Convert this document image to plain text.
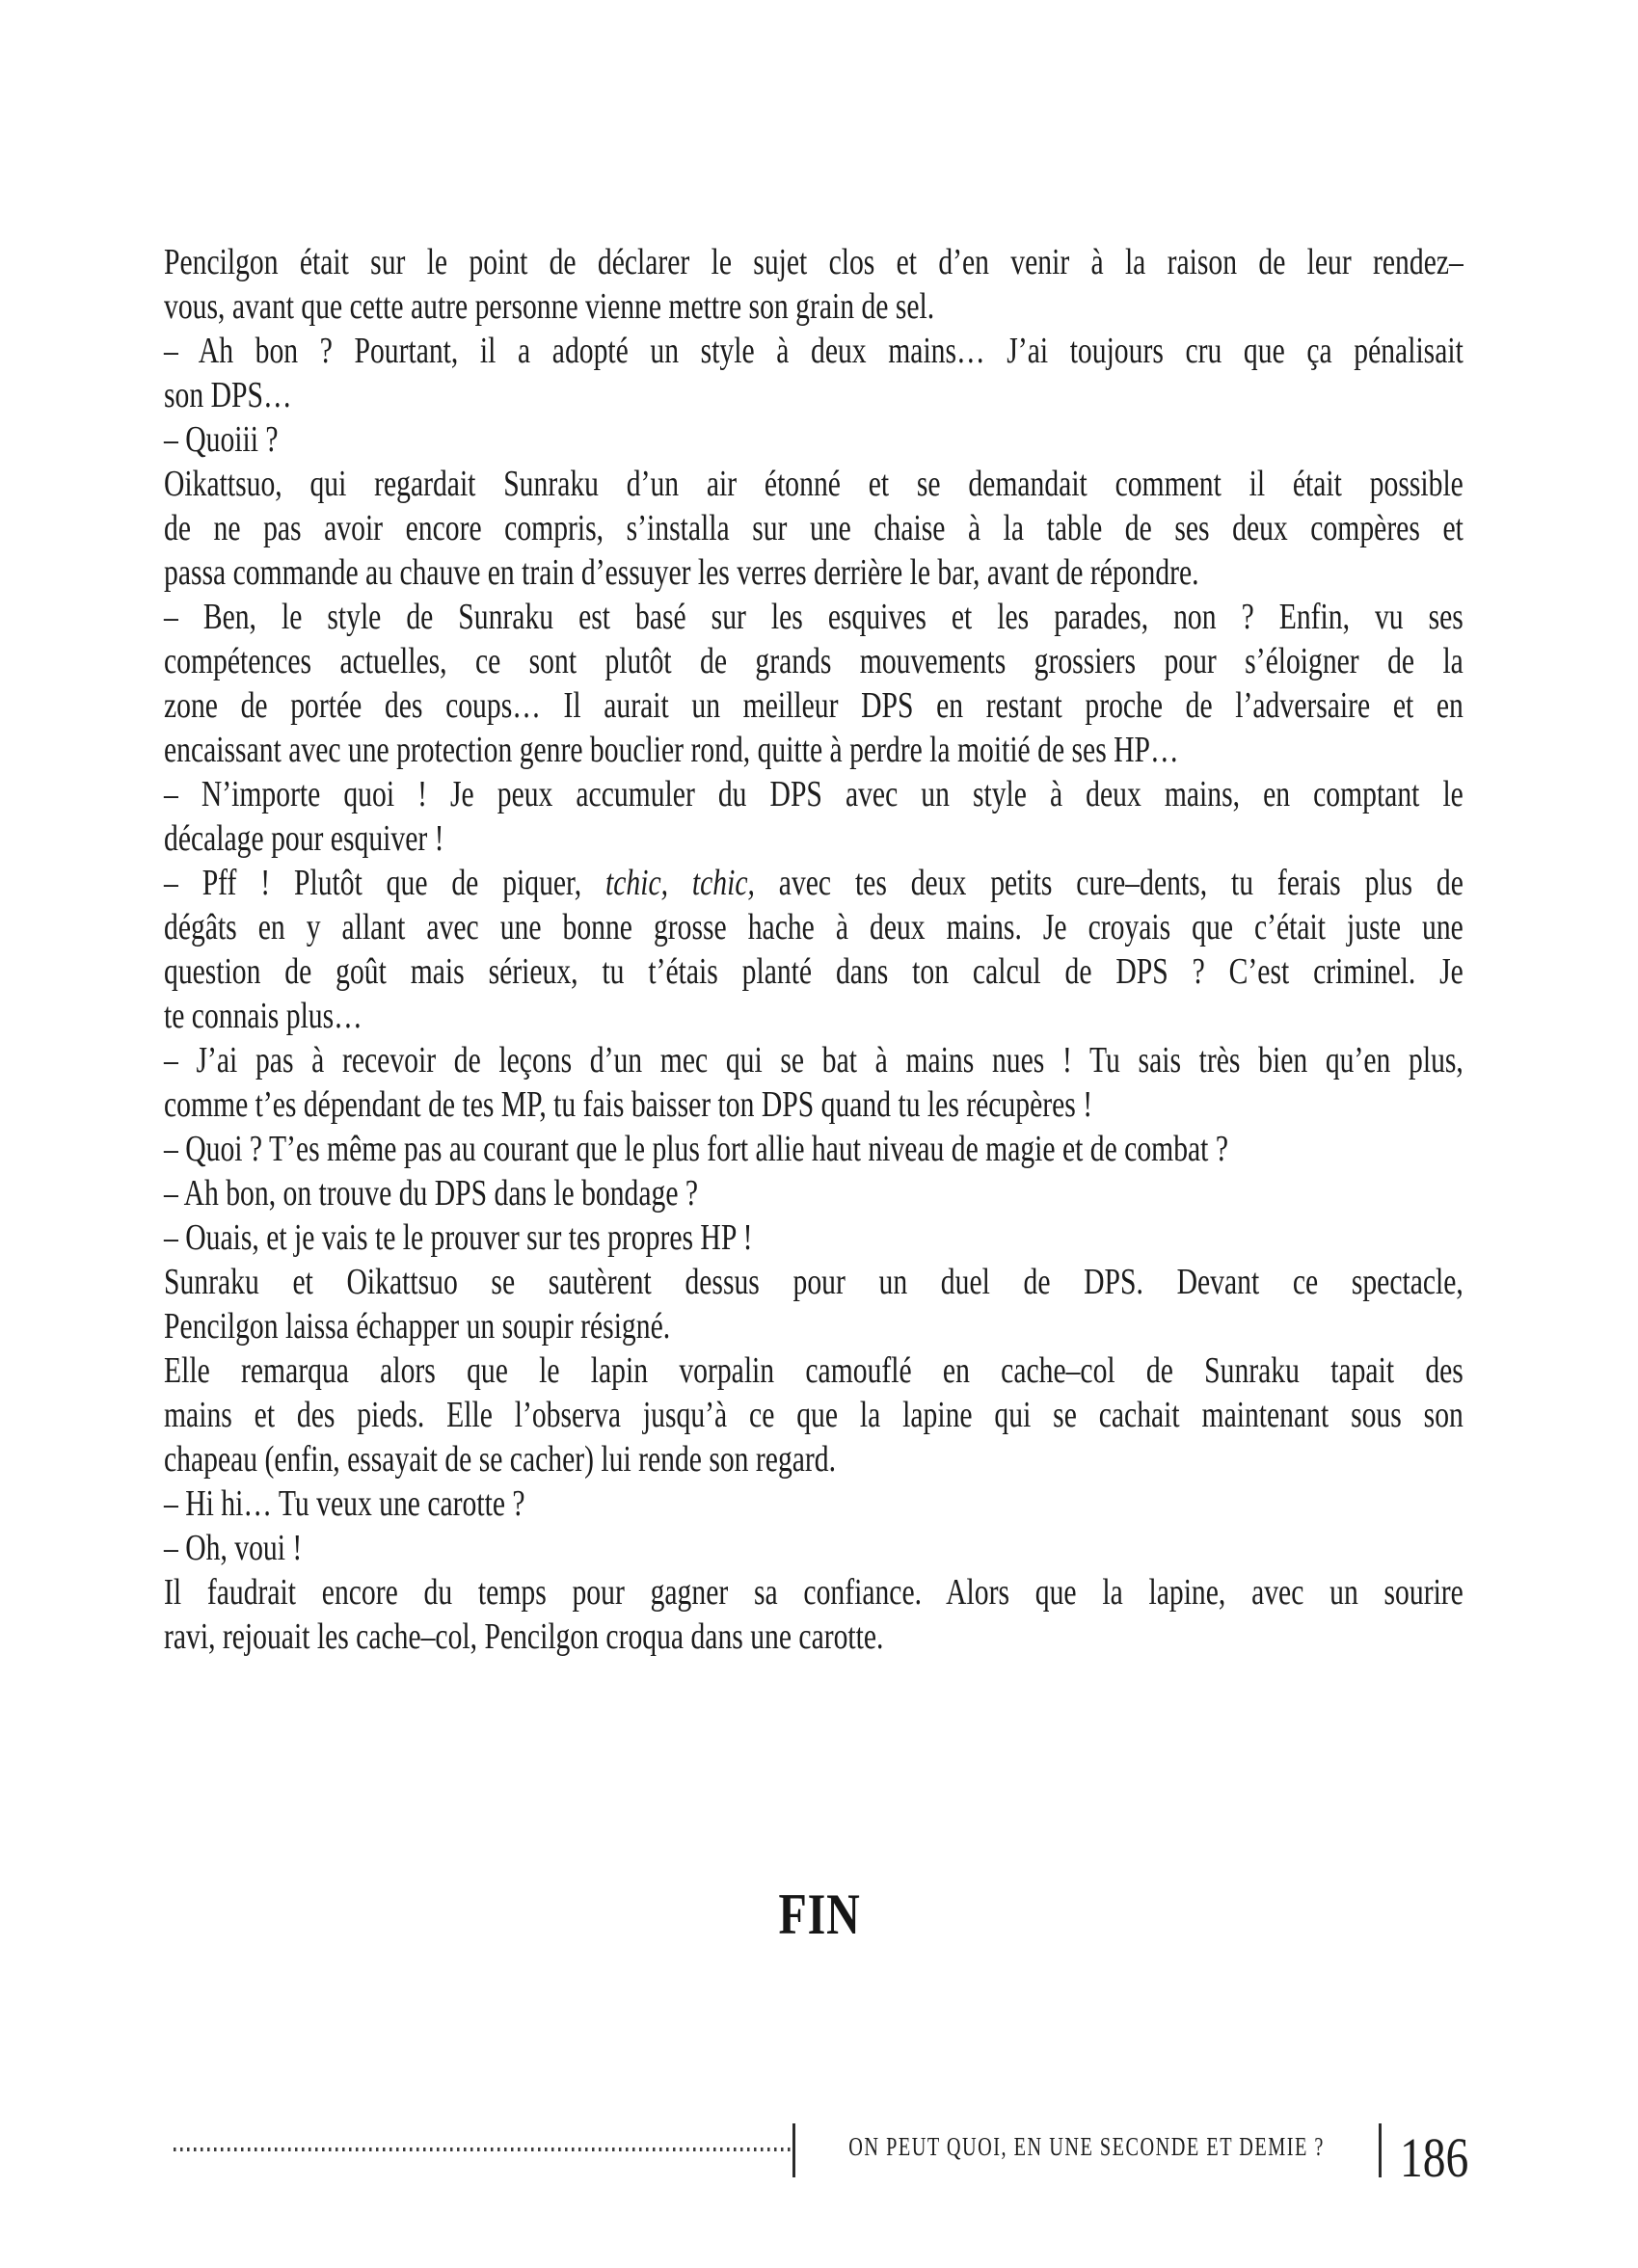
Pencilgon était sur le point de déclarer le sujet clos et d’en venir à la raison de leur rendez–
vous, avant que cette autre personne vienne mettre son grain de sel.
– Ah bon ? Pourtant, il a adopté un style à deux mains… J’ai toujours cru que ça pénalisait
son DPS…
– Quoiii ?
Oikattsuo, qui regardait Sunraku d’un air étonné et se demandait comment il était possible
de ne pas avoir encore compris, s’installa sur une chaise à la table de ses deux compères et
passa commande au chauve en train d’essuyer les verres derrière le bar, avant de répondre.
– Ben, le style de Sunraku est basé sur les esquives et les parades, non ? Enfin, vu ses
compétences actuelles, ce sont plutôt de grands mouvements grossiers pour s’éloigner de la
zone de portée des coups… Il aurait un meilleur DPS en restant proche de l’adversaire et en
encaissant avec une protection genre bouclier rond, quitte à perdre la moitié de ses HP…
– N’importe quoi ! Je peux accumuler du DPS avec un style à deux mains, en comptant le
décalage pour esquiver !
– Pff ! Plutôt que de piquer, tchic, tchic, avec tes deux petits cure–dents, tu ferais plus de
dégâts en y allant avec une bonne grosse hache à deux mains. Je croyais que c’était juste une
question de goût mais sérieux, tu t’étais planté dans ton calcul de DPS ? C’est criminel. Je
te connais plus…
– J’ai pas à recevoir de leçons d’un mec qui se bat à mains nues ! Tu sais très bien qu’en plus,
comme t’es dépendant de tes MP, tu fais baisser ton DPS quand tu les récupères !
– Quoi ? T’es même pas au courant que le plus fort allie haut niveau de magie et de combat ?
– Ah bon, on trouve du DPS dans le bondage ?
– Ouais, et je vais te le prouver sur tes propres HP !
Sunraku et Oikattsuo se sautèrent dessus pour un duel de DPS. Devant ce spectacle,
Pencilgon laissa échapper un soupir résigné.
Elle remarqua alors que le lapin vorpalin camouflé en cache–col de Sunraku tapait des
mains et des pieds. Elle l’observa jusqu’à ce que la lapine qui se cachait maintenant sous son
chapeau (enfin, essayait de se cacher) lui rende son regard.
– Hi hi… Tu veux une carotte ?
– Oh, voui !
Il faudrait encore du temps pour gagner sa confiance. Alors que la lapine, avec un sourire
ravi, rejouait les cache–col, Pencilgon croqua dans une carotte.
FIN
ON PEUT QUOI, EN UNE SECONDE ET DEMIE ? 186
